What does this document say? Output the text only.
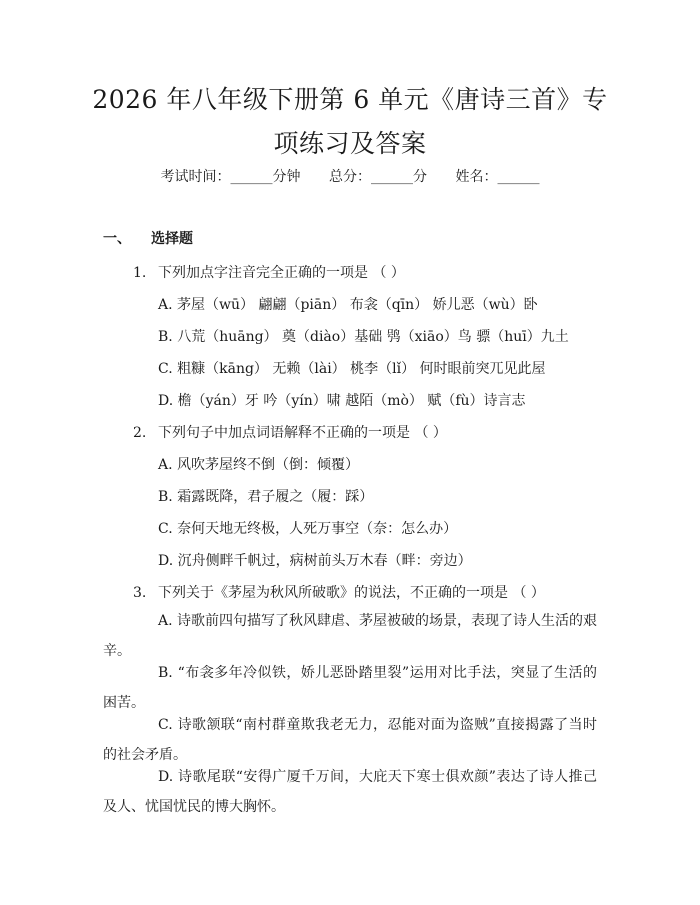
2026 年八年级下册第 6 单元《唐诗三首》专
项练习及答案
考试时间：______分钟 总分：______分 姓名：______
一、 选择题
1. 下列加点字注音完全正确的一项是 （ ）
A. 茅屋（wū） 翩翩（piān） 布衾（qīn） 娇儿恶（wù）卧
B. 八荒（huāng） 奠（diào）基础 鸮（xiāo）鸟 骠（huī）九土
C. 粗糠（kāng） 无赖（lài） 桃李（lǐ） 何时眼前突兀见此屋
D. 檐（yán）牙 吟（yín）啸 越陌（mò） 赋（fù）诗言志
2. 下列句子中加点词语解释不正确的一项是 （ ）
A. 风吹茅屋终不倒（倒：倾覆）
B. 霜露既降，君子履之（履：踩）
C. 奈何天地无终极，人死万事空（奈：怎么办）
D. 沉舟侧畔千帆过，病树前头万木春（畔：旁边）
3. 下列关于《茅屋为秋风所破歌》的说法，不正确的一项是 （ ）
A. 诗歌前四句描写了秋风肆虐、茅屋被破的场景，表现了诗人生活的艰辛。
B. “布衾多年冷似铁，娇儿恶卧踏里裂”运用对比手法，突显了生活的困苦。
C. 诗歌颔联“南村群童欺我老无力，忍能对面为盗贼”直接揭露了当时的社会矛盾。
D. 诗歌尾联“安得广厦千万间，大庇天下寒士俱欢颜”表达了诗人推己及人、忧国忧民的博大胸怀。
